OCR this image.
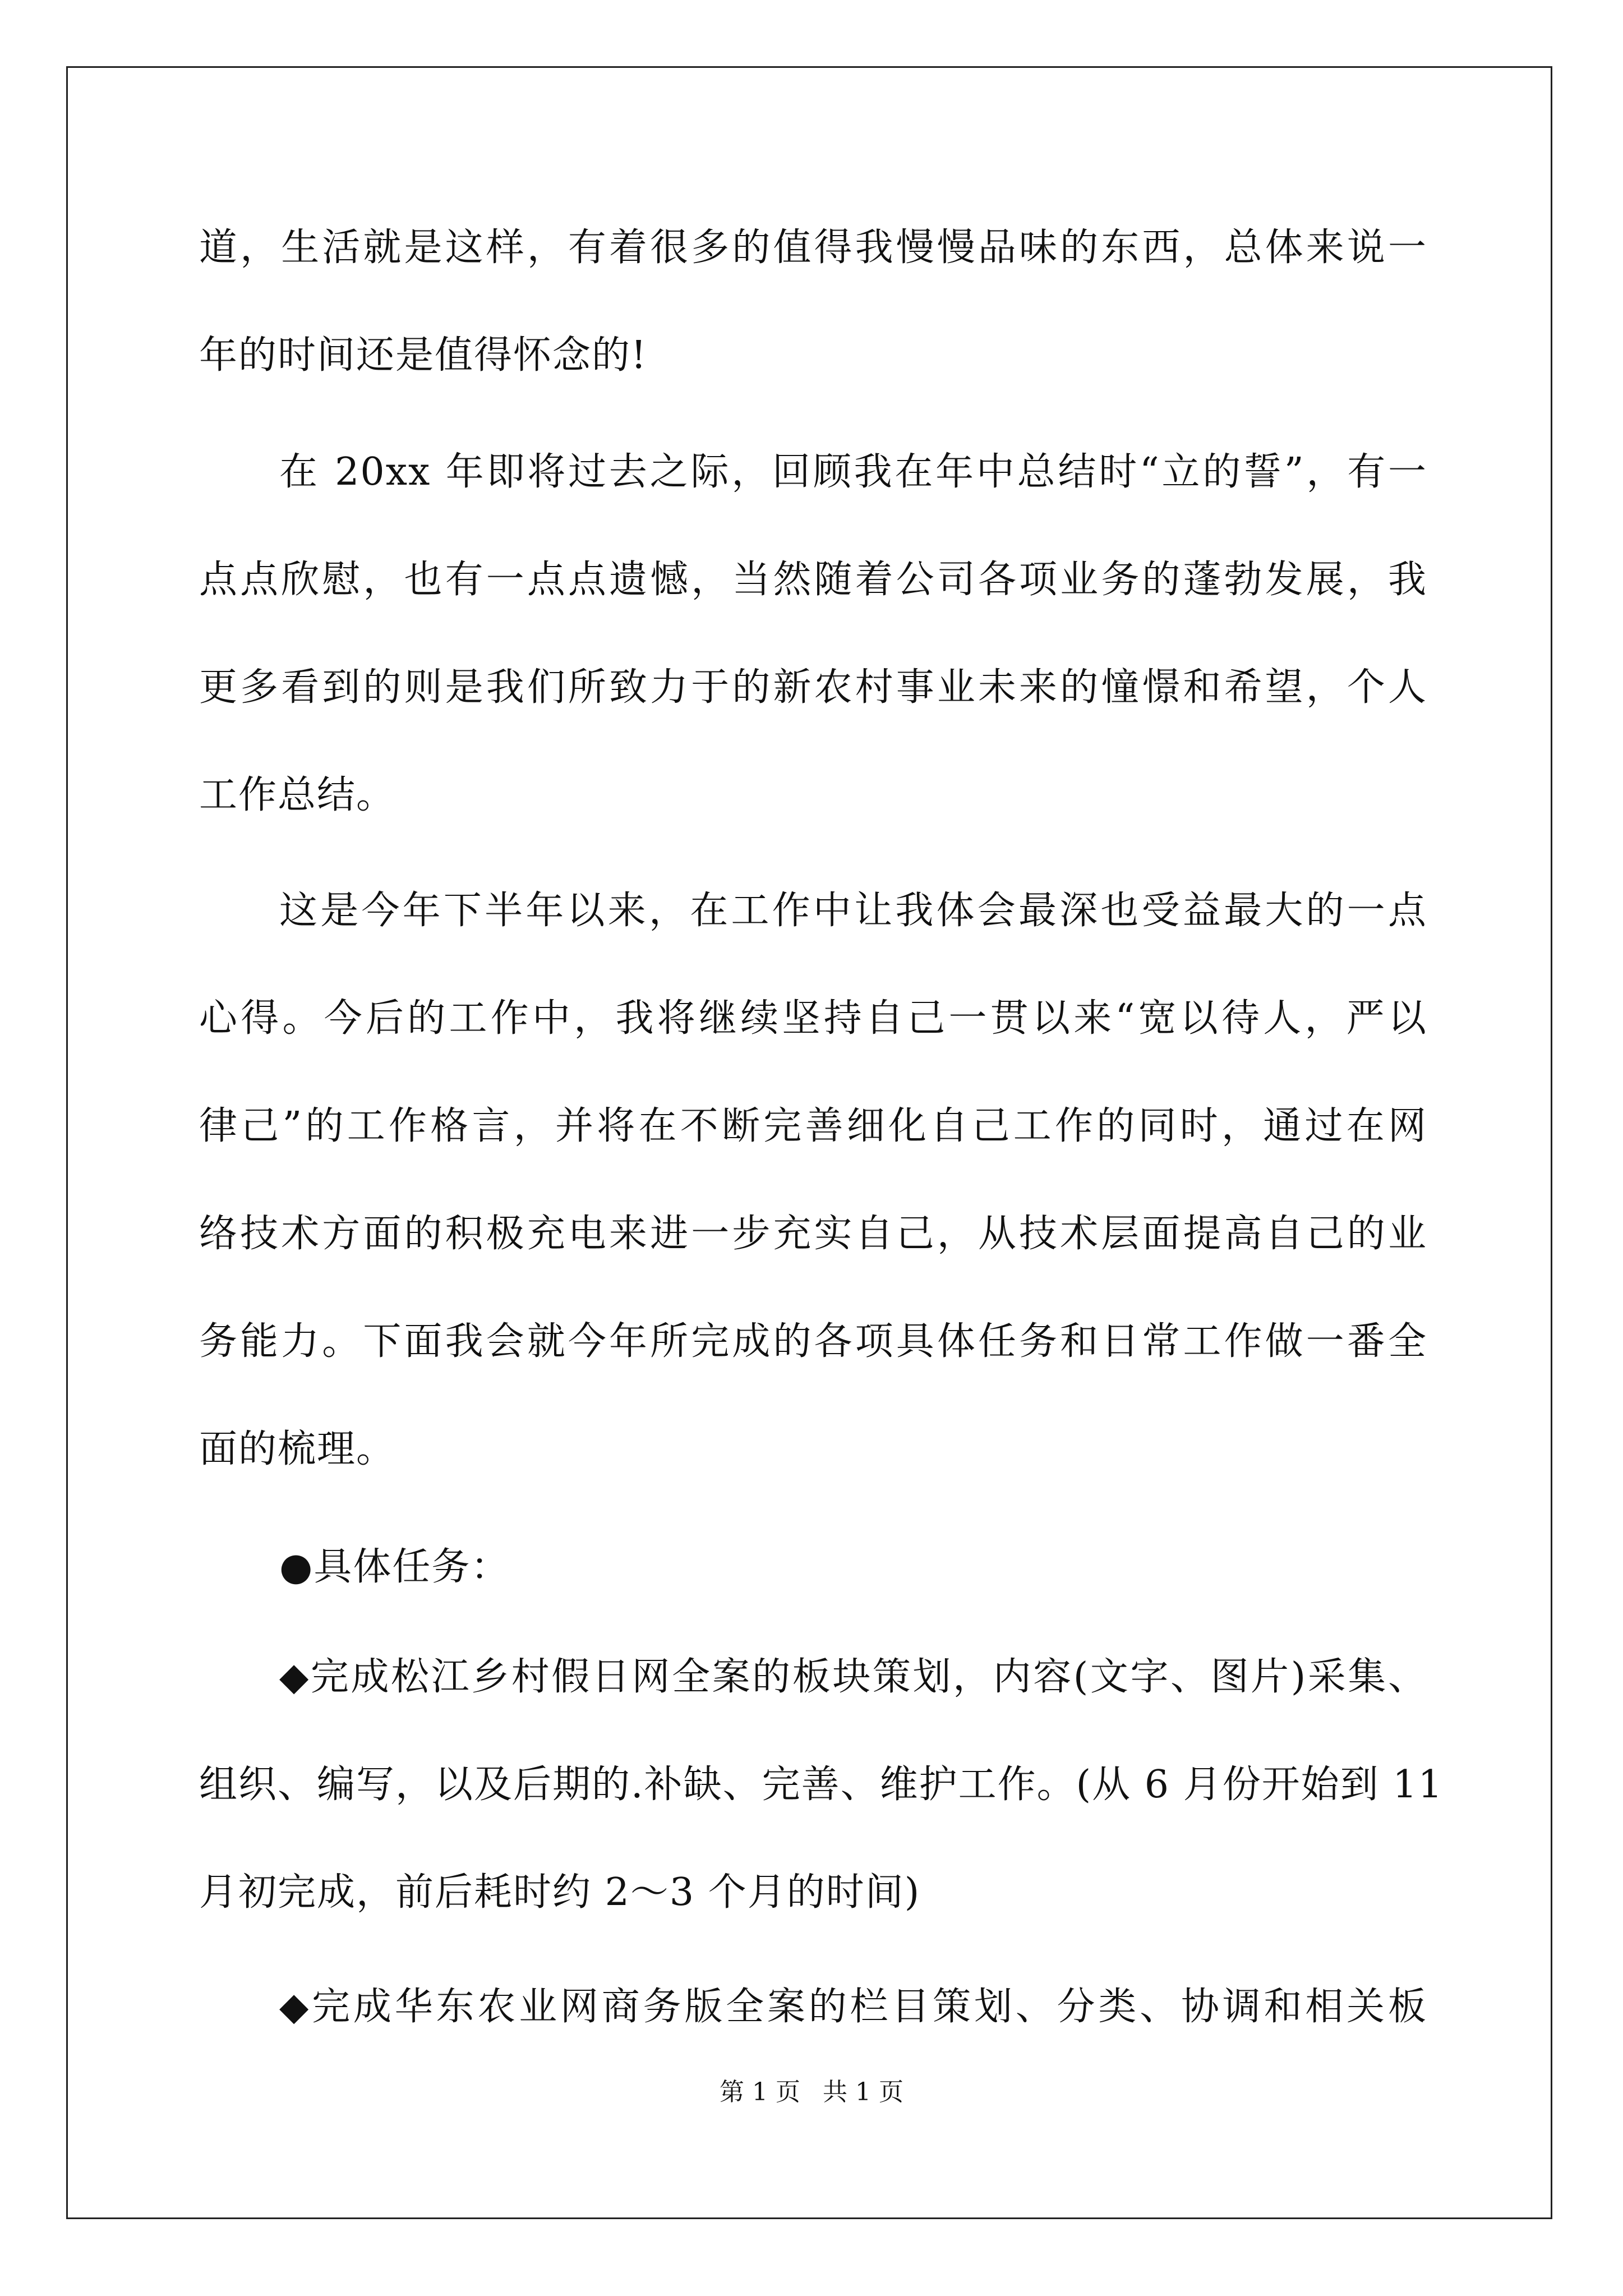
道，生活就是这样，有着很多的值得我慢慢品味的东西，总体来说一
年的时间还是值得怀念的!
在 20xx 年即将过去之际，回顾我在年中总结时“立的誓”，有一
点点欣慰，也有一点点遗憾，当然随着公司各项业务的蓬勃发展，我
更多看到的则是我们所致力于的新农村事业未来的憧憬和希望，个人
工作总结。
这是今年下半年以来，在工作中让我体会最深也受益最大的一点
心得。今后的工作中，我将继续坚持自己一贯以来“宽以待人，严以
律己”的工作格言，并将在不断完善细化自己工作的同时，通过在网
络技术方面的积极充电来进一步充实自己，从技术层面提高自己的业
务能力。下面我会就今年所完成的各项具体任务和日常工作做一番全
面的梳理。
●具体任务：
◆完成松江乡村假日网全案的板块策划，内容(文字、图片)采集、
组织、编写，以及后期的.补缺、完善、维护工作。(从 6 月份开始到 11
月初完成，前后耗时约 2～3 个月的时间)
◆完成华东农业网商务版全案的栏目策划、分类、协调和相关板
第 1 页 共 1 页
